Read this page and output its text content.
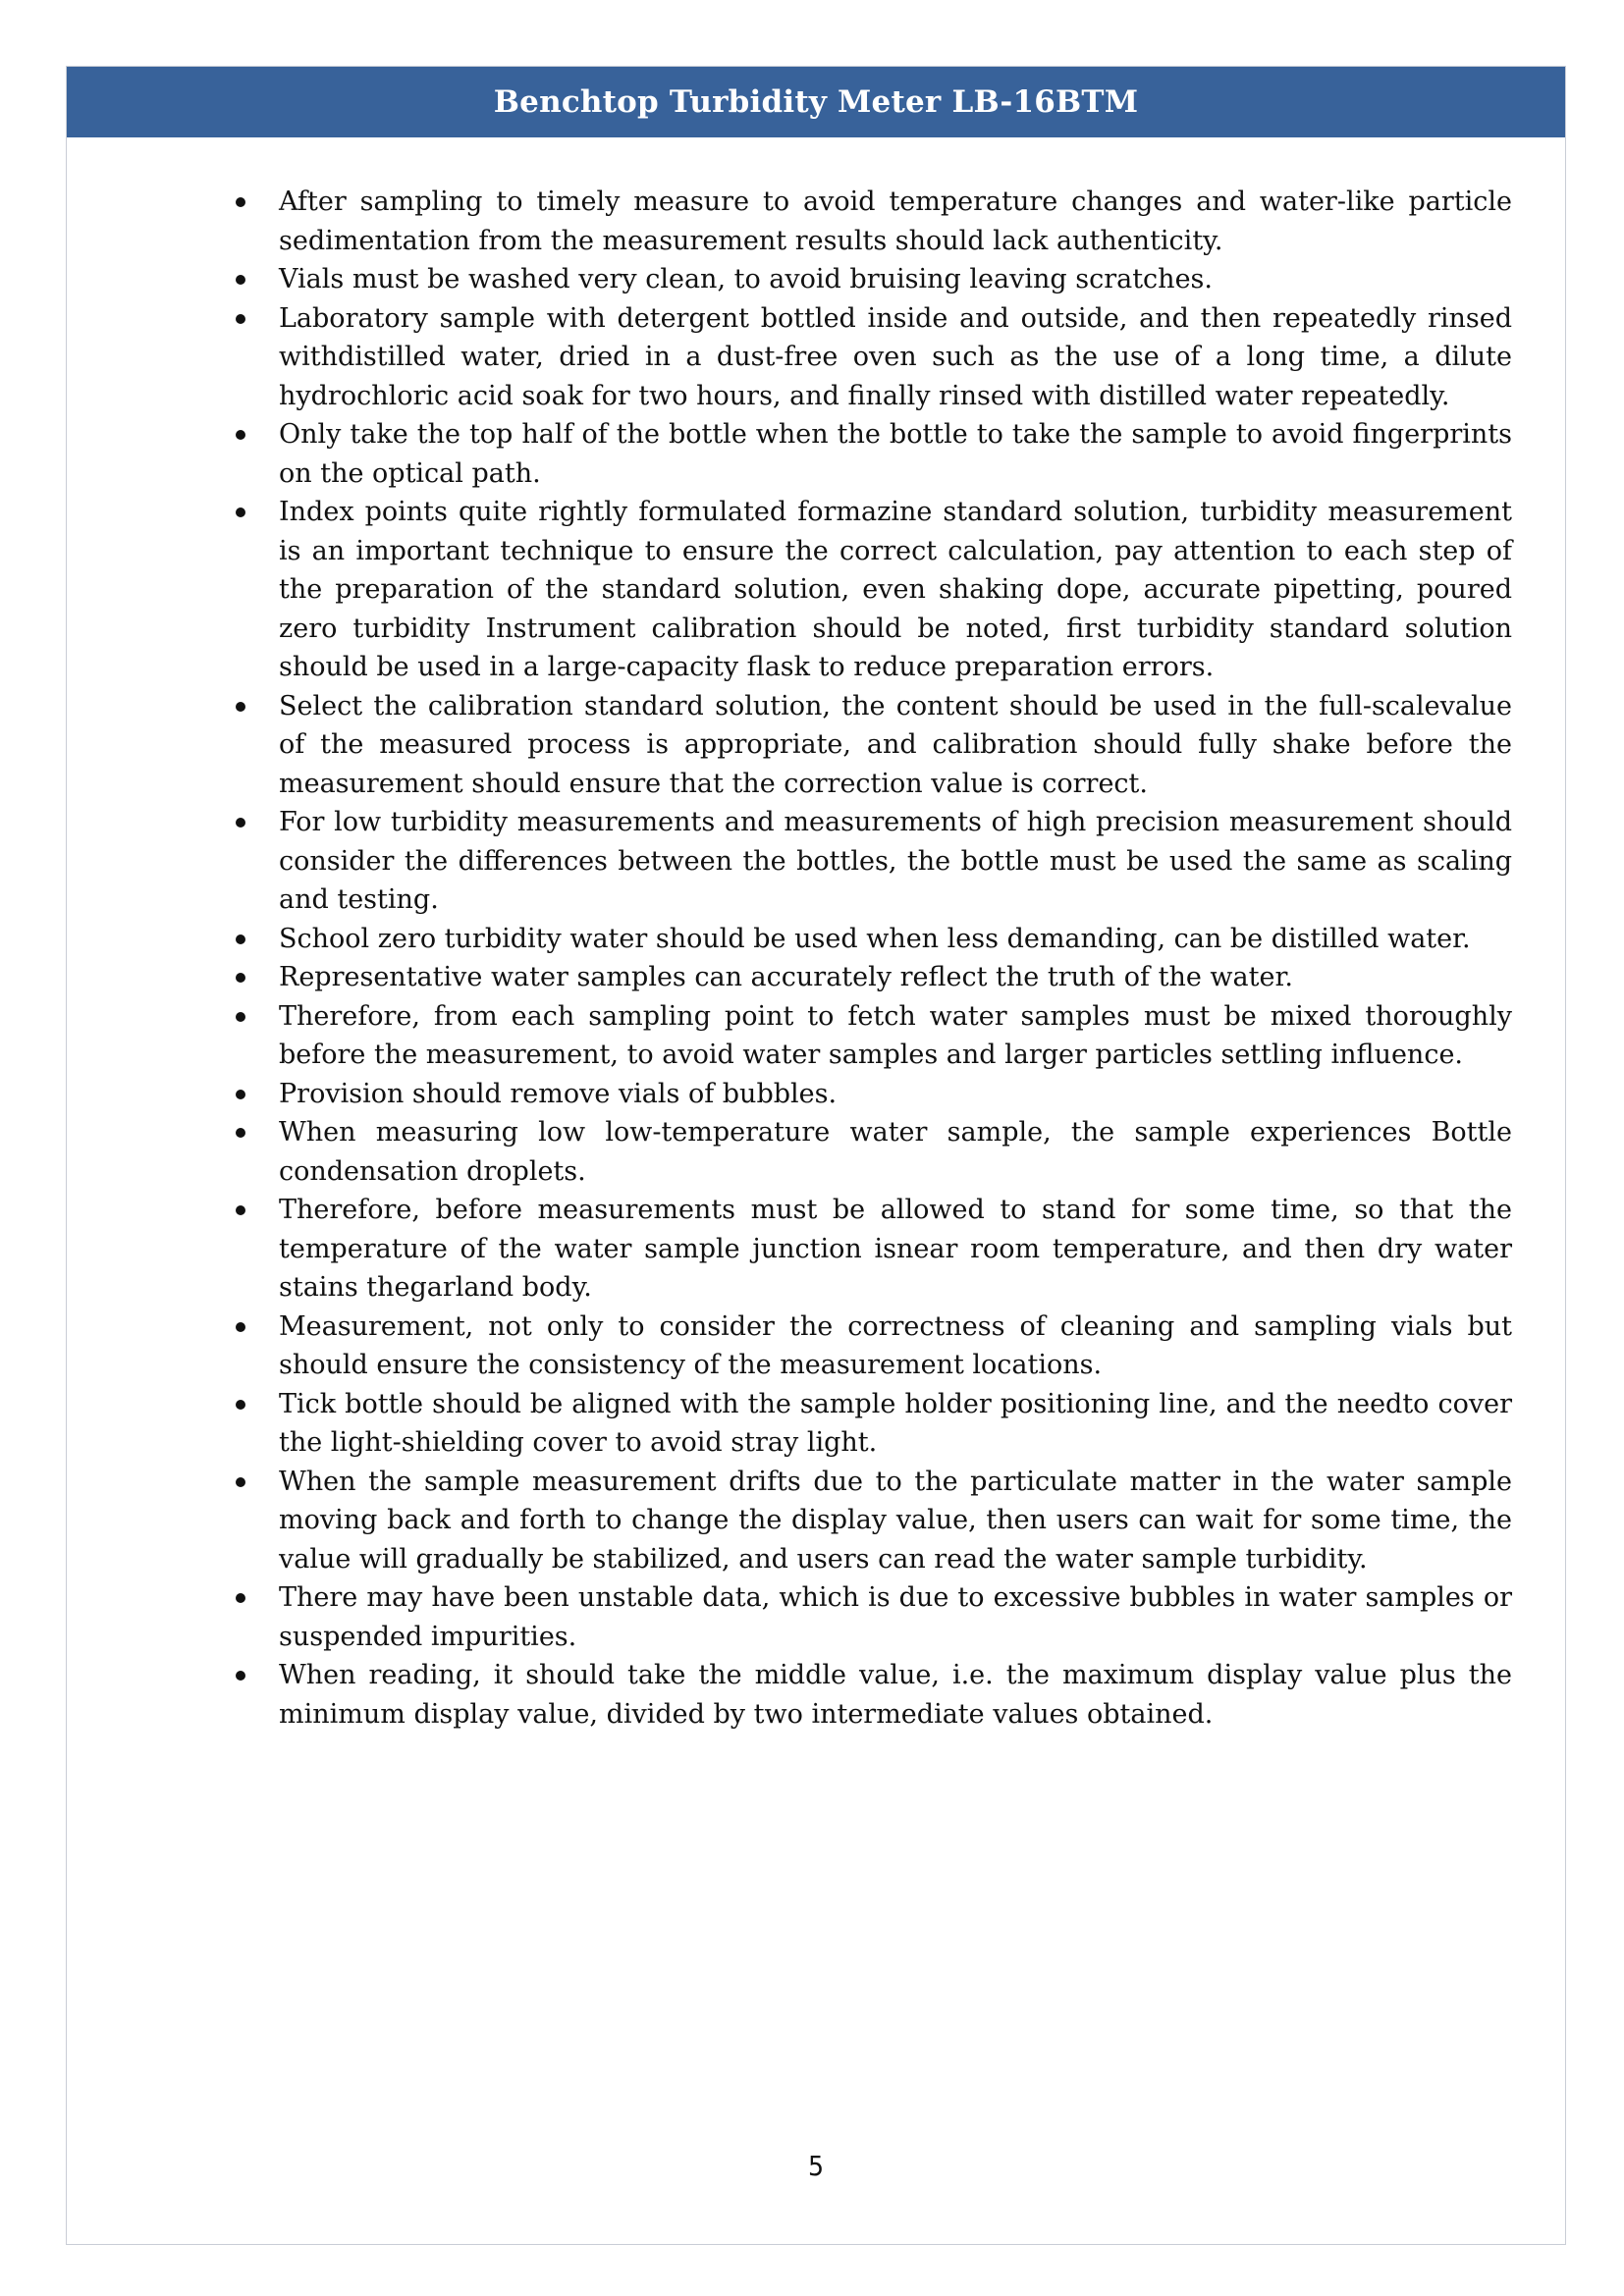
Benchtop Turbidity Meter LB-16BTM
After sampling to timely measure to avoid temperature changes and water-like particle sedimentation from the measurement results should lack authenticity.
Vials must be washed very clean, to avoid bruising leaving scratches.
Laboratory sample with detergent bottled inside and outside, and then repeatedly rinsed withdistilled water, dried in a dust-free oven such as the use of a long time, a dilute hydrochloric acid soak for two hours, and finally rinsed with distilled water repeatedly.
Only take the top half of the bottle when the bottle to take the sample to avoid fingerprints on the optical path.
Index points quite rightly formulated formazine standard solution, turbidity measurement is an important technique to ensure the correct calculation, pay attention to each step of the preparation of the standard solution, even shaking dope, accurate pipetting, poured zero turbidity Instrument calibration should be noted, first turbidity standard solution should be used in a large-capacity flask to reduce preparation errors.
Select the calibration standard solution, the content should be used in the full-scalevalue of the measured process is appropriate, and calibration should fully shake before the measurement should ensure that the correction value is correct.
For low turbidity measurements and measurements of high precision measurement should consider the differences between the bottles, the bottle must be used the same as scaling and testing.
School zero turbidity water should be used when less demanding, can be distilled water.
Representative water samples can accurately reflect the truth of the water.
Therefore, from each sampling point to fetch water samples must be mixed thoroughly before the measurement, to avoid water samples and larger particles settling influence.
Provision should remove vials of bubbles.
When measuring low low-temperature water sample, the sample experiences Bottle condensation droplets.
Therefore, before measurements must be allowed to stand for some time, so that the temperature of the water sample junction isnear room temperature, and then dry water stains thegarland body.
Measurement, not only to consider the correctness of cleaning and sampling vials but should ensure the consistency of the measurement locations.
Tick bottle should be aligned with the sample holder positioning line, and the needto cover the light-shielding cover to avoid stray light.
When the sample measurement drifts due to the particulate matter in the water sample moving back and forth to change the display value, then users can wait for some time, the value will gradually be stabilized, and users can read the water sample turbidity.
There may have been unstable data, which is due to excessive bubbles in water samples or suspended impurities.
When reading, it should take the middle value, i.e. the maximum display value plus the minimum display value, divided by two intermediate values obtained.
5
